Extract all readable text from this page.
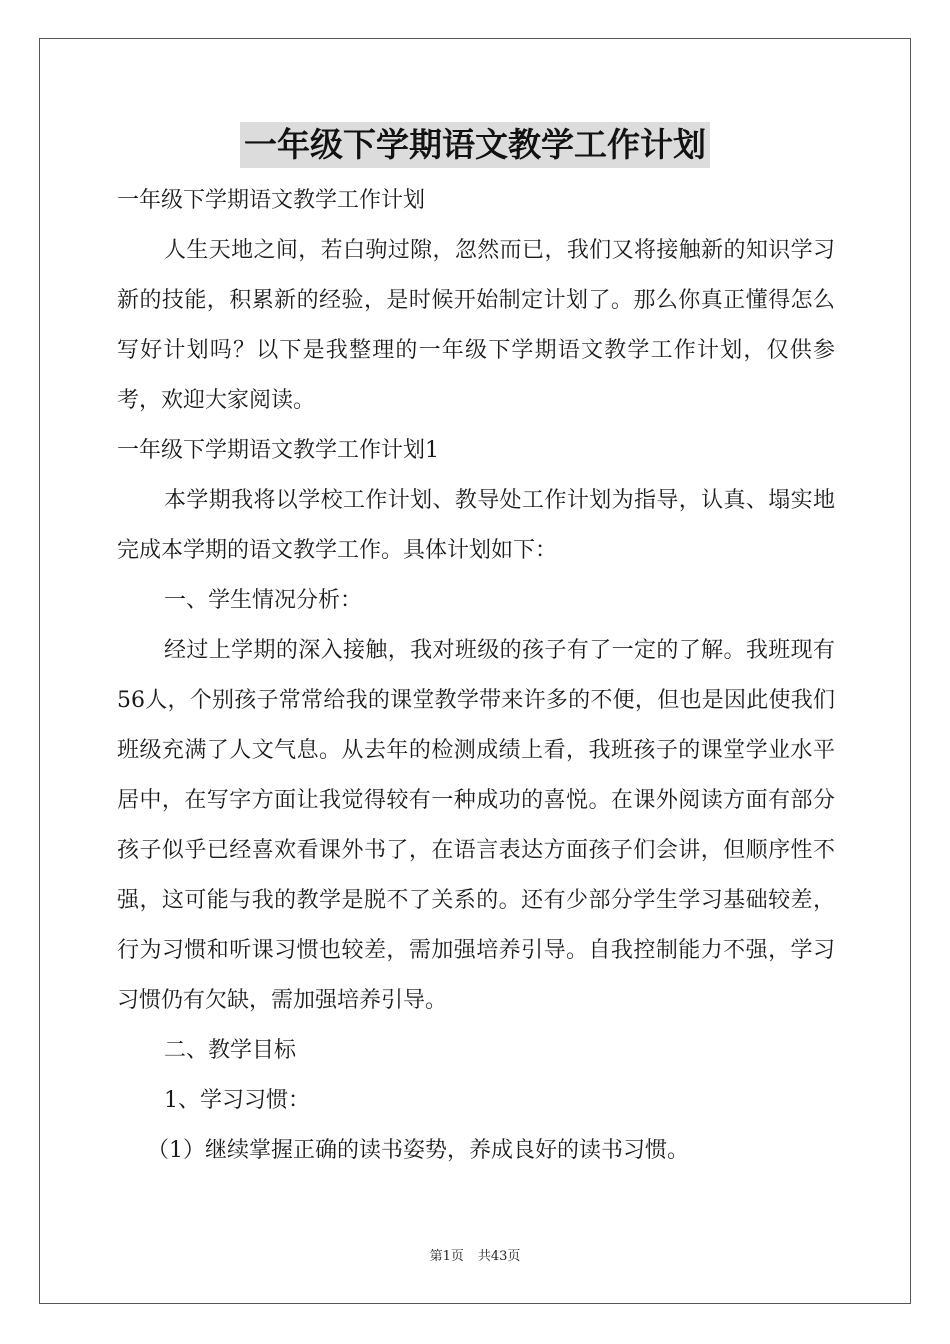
一年级下学期语文教学工作计划

一年级下学期语文教学工作计划

人生天地之间，若白驹过隙，忽然而已，我们又将接触新的知识学习新的技能，积累新的经验，是时候开始制定计划了。那么你真正懂得怎么写好计划吗？以下是我整理的一年级下学期语文教学工作计划，仅供参考，欢迎大家阅读。

一年级下学期语文教学工作计划1

本学期我将以学校工作计划、教导处工作计划为指导，认真、塌实地完成本学期的语文教学工作。具体计划如下：

一、学生情况分析：

经过上学期的深入接触，我对班级的孩子有了一定的了解。我班现有56人，个别孩子常常给我的课堂教学带来许多的不便，但也是因此使我们班级充满了人文气息。从去年的检测成绩上看，我班孩子的课堂学业水平居中，在写字方面让我觉得较有一种成功的喜悦。在课外阅读方面有部分孩子似乎已经喜欢看课外书了，在语言表达方面孩子们会讲，但顺序性不强，这可能与我的教学是脱不了关系的。还有少部分学生学习基础较差，行为习惯和听课习惯也较差，需加强培养引导。自我控制能力不强，学习习惯仍有欠缺，需加强培养引导。

二、教学目标

1、学习习惯：

（1）继续掌握正确的读书姿势，养成良好的读书习惯。

第1页 共43页
